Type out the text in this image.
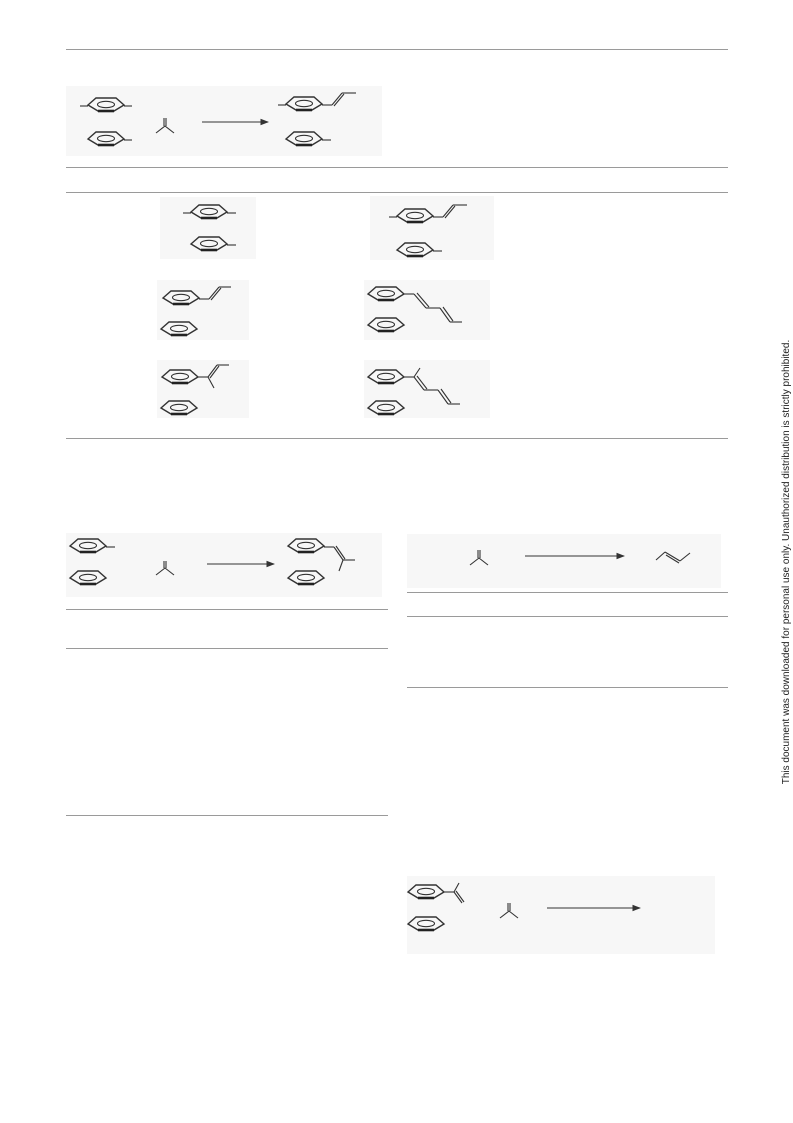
This document was downloaded for personal use only. Unauthorized distribution is strictly prohibited.
